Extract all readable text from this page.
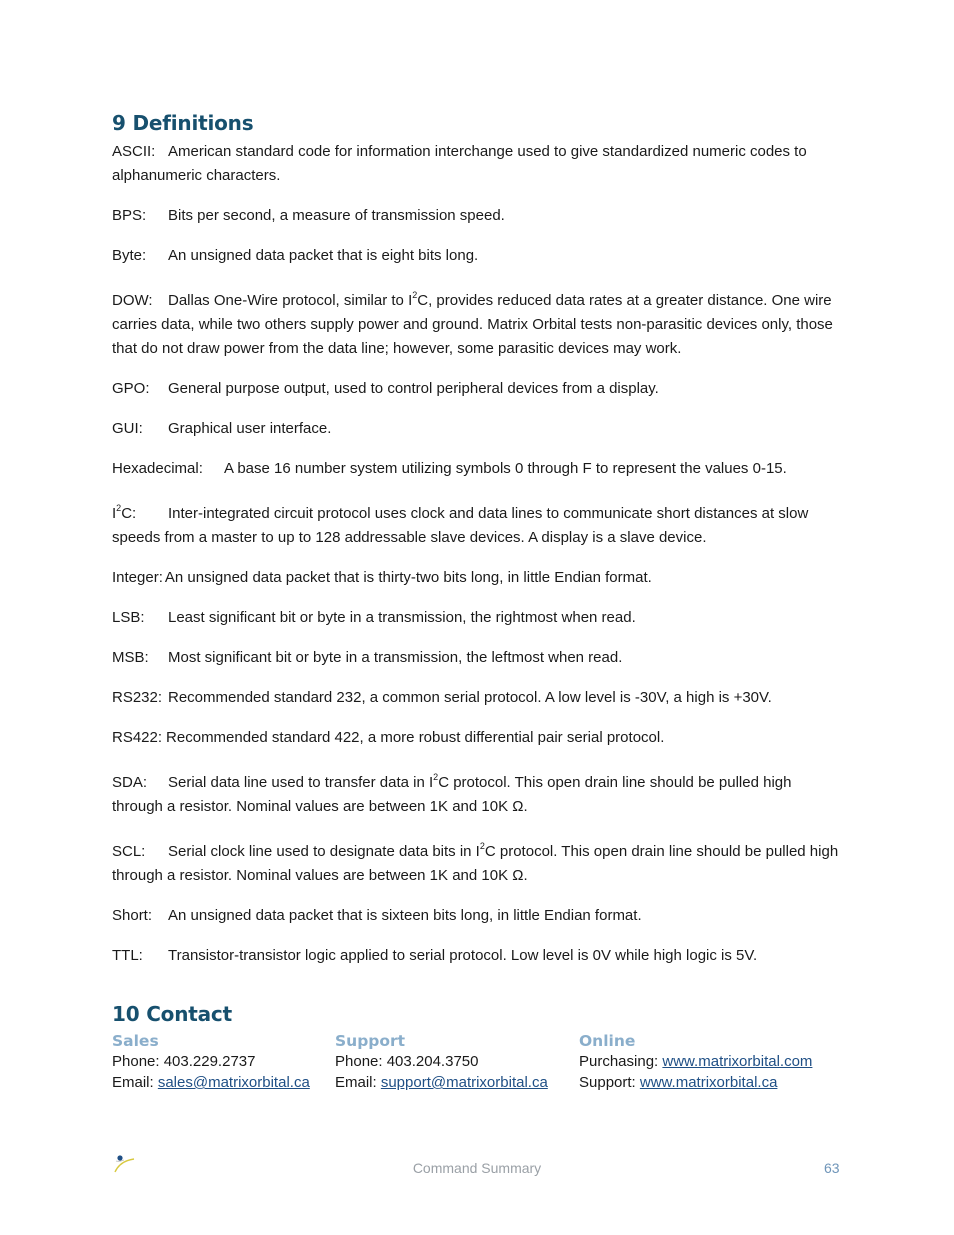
9 Definitions

ASCII: American standard code for information interchange used to give standardized numeric codes to alphanumeric characters.

BPS: Bits per second, a measure of transmission speed.

Byte: An unsigned data packet that is eight bits long.

DOW: Dallas One-Wire protocol, similar to $I^2C$, provides reduced data rates at a greater distance. One wire carries data, while two others supply power and ground. Matrix Orbital tests non-parasitic devices only, those that do not draw power from the data line; however, some parasitic devices may work.

GPO: General purpose output, used to control peripheral devices from a display.

GUI: Graphical user interface.

Hexadecimal: A base 16 number system utilizing symbols 0 through F to represent the values 0-15.

$I^2C$: Inter-integrated circuit protocol uses clock and data lines to communicate short distances at slow speeds from a master to up to 128 addressable slave devices. A display is a slave device.

Integer: An unsigned data packet that is thirty-two bits long, in little Endian format.

LSB: Least significant bit or byte in a transmission, the rightmost when read.

MSB: Most significant bit or byte in a transmission, the leftmost when read.

RS232: Recommended standard 232, a common serial protocol. A low level is -30V, a high is +30V.

RS422: Recommended standard 422, a more robust differential pair serial protocol.

SDA: Serial data line used to transfer data in $I^2C$ protocol. This open drain line should be pulled high through a resistor. Nominal values are between 1K and 10K Ω.

SCL: Serial clock line used to designate data bits in $I^2C$ protocol. This open drain line should be pulled high through a resistor. Nominal values are between 1K and 10K Ω.

Short: An unsigned data packet that is sixteen bits long, in little Endian format.

TTL: Transistor-transistor logic applied to serial protocol. Low level is 0V while high logic is 5V.

10 Contact
Sales
Phone: 403.229.2737
Email: sales@matrixorbital.ca
Support
Phone: 403.204.3750
Email: support@matrixorbital.ca
Online
Purchasing: www.matrixorbital.com
Support: www.matrixorbital.ca
Command Summary	63
